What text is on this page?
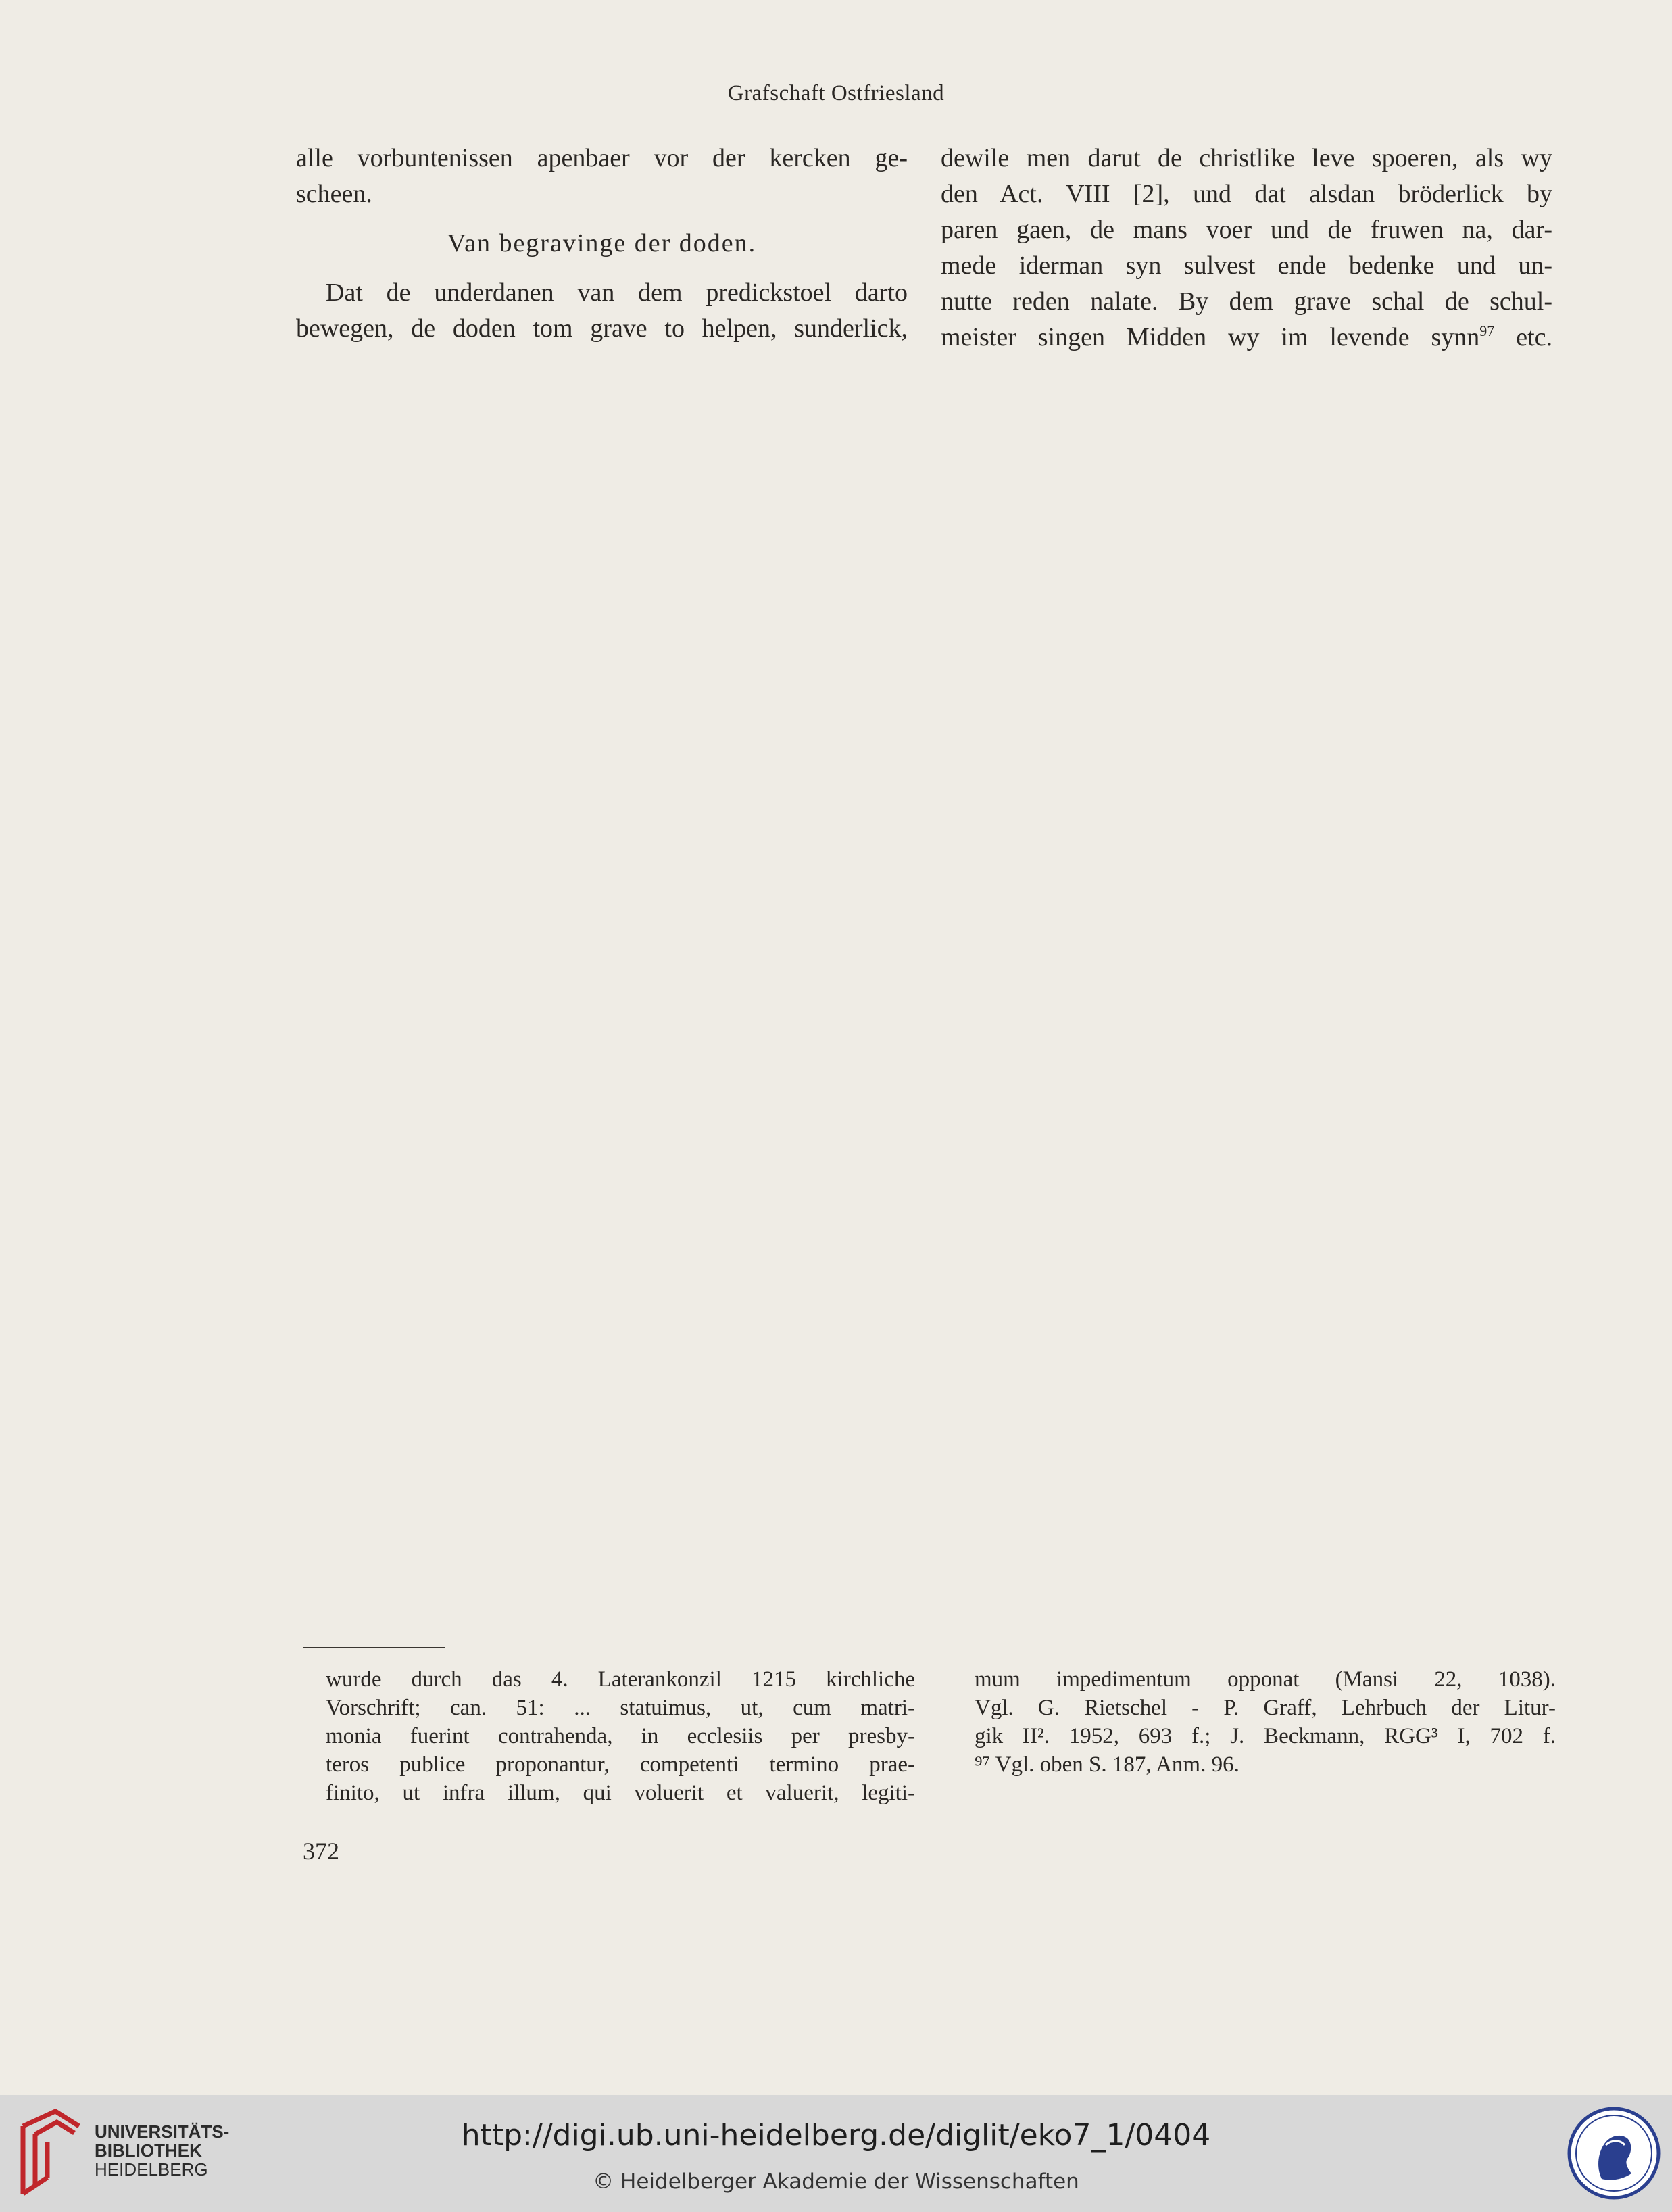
Grafschaft Ostfriesland
alle vorbuntenissen apenbaer vor der kercken ge-
scheen.
Van begravinge der doden.
Dat de underdanen van dem predickstoel darto
bewegen, de doden tom grave to helpen, sunderlick,
dewile men darut de christlike leve spoeren, als wy
den Act. VIII [2], und dat alsdan bröderlick by
paren gaen, de mans voer und de fruwen na, dar-
mede iderman syn sulvest ende bedenke und un-
nutte reden nalate. By dem grave schal de schul-
meister singen Midden wy im levende synn$^{97}$ etc.
wurde durch das 4. Laterankonzil 1215 kirchliche
Vorschrift; can. 51: ... statuimus, ut, cum matri-
monia fuerint contrahenda, in ecclesiis per presby-
teros publice proponantur, competenti termino prae-
finito, ut infra illum, qui voluerit et valuerit, legiti-
mum impedimentum opponat (Mansi 22, 1038).
Vgl. G. Rietschel - P. Graff, Lehrbuch der Litur-
gik II². 1952, 693 f.; J. Beckmann, RGG³ I, 702 f.
⁹⁷ Vgl. oben S. 187, Anm. 96.
372
UNIVERSITÄTS-
BIBLIOTHEK
HEIDELBERG
http://digi.ub.uni-heidelberg.de/diglit/eko7_1/0404
© Heidelberger Akademie der Wissenschaften
